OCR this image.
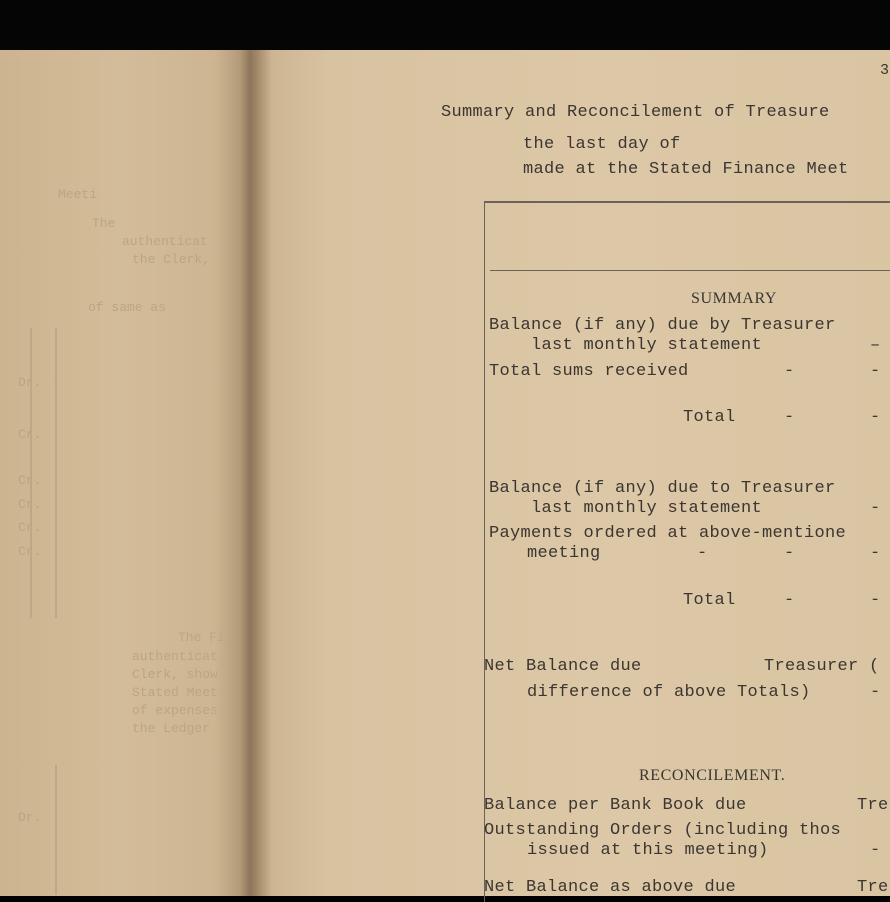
Meeti
The
authenticat
the Clerk,
of same as
Dr.
Cr.
Cr.
Cr.
Cr.
Cr.
The Fi
authenticat
Clerk, show
Stated Meet
of expenses
the Ledger
Dr.
3
Summary and Reconcilement of Treasure
the last day of
made at the Stated Finance Meet
SUMMARY
Balance (if any) due by Treasurer
last monthly statement	–
Total sums received	-	-
Total	-	-
Balance (if any) due to Treasurer
last monthly statement	-
Payments ordered at above-mentione
meeting	-	-	-
Total	-	-
Net Balance due	Treasurer (
difference of above Totals)	-
RECONCILEMENT.
Balance per Bank Book due	Tre
Outstanding Orders (including thos
issued at this meeting)	-
Net Balance as above due	Tre
